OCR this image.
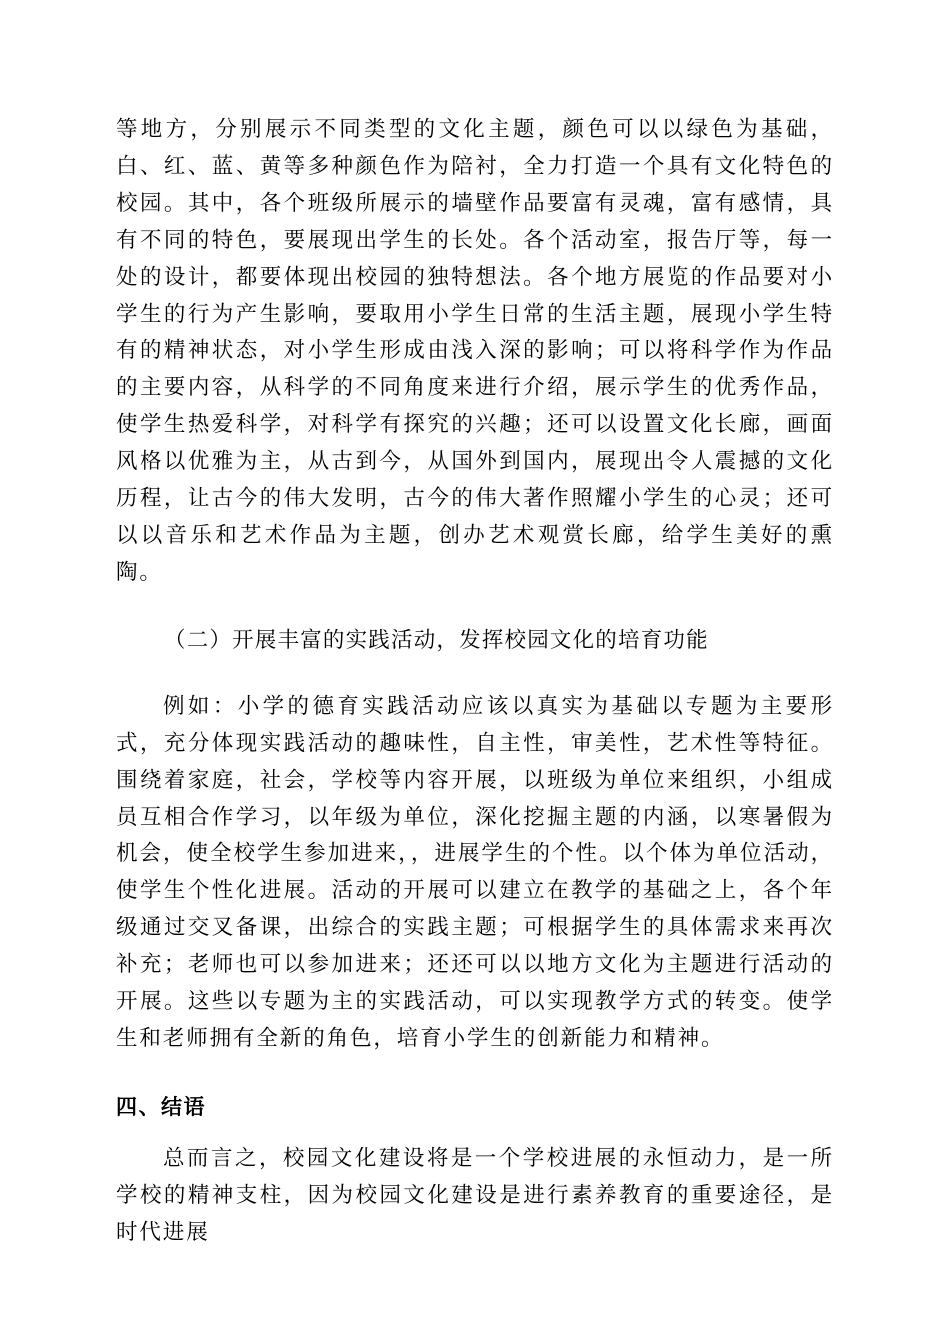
等地方，分别展示不同类型的文化主题，颜色可以以绿色为基础，白、红、蓝、黄等多种颜色作为陪衬，全力打造一个具有文化特色的校园。其中，各个班级所展示的墙壁作品要富有灵魂，富有感情，具有不同的特色，要展现出学生的长处。各个活动室，报告厅等，每一处的设计，都要体现出校园的独特想法。各个地方展览的作品要对小学生的行为产生影响，要取用小学生日常的生活主题，展现小学生特有的精神状态，对小学生形成由浅入深的影响；可以将科学作为作品的主要内容，从科学的不同角度来进行介绍，展示学生的优秀作品，使学生热爱科学，对科学有探究的兴趣；还可以设置文化长廊，画面风格以优雅为主，从古到今，从国外到国内，展现出令人震撼的文化历程，让古今的伟大发明，古今的伟大著作照耀小学生的心灵；还可以以音乐和艺术作品为主题，创办艺术观赏长廊，给学生美好的熏陶。

（二）开展丰富的实践活动，发挥校园文化的培育功能

例如：小学的德育实践活动应该以真实为基础以专题为主要形式，充分体现实践活动的趣味性，自主性，审美性，艺术性等特征。围绕着家庭，社会，学校等内容开展，以班级为单位来组织，小组成员互相合作学习，以年级为单位，深化挖掘主题的内涵，以寒暑假为机会，使全校学生参加进来，，进展学生的个性。以个体为单位活动，使学生个性化进展。活动的开展可以建立在教学的基础之上，各个年级通过交叉备课，出综合的实践主题；可根据学生的具体需求来再次补充；老师也可以参加进来；还还可以以地方文化为主题进行活动的开展。这些以专题为主的实践活动，可以实现教学方式的转变。使学生和老师拥有全新的角色，培育小学生的创新能力和精神。

四、结语

总而言之，校园文化建设将是一个学校进展的永恒动力，是一所学校的精神支柱，因为校园文化建设是进行素养教育的重要途径，是时代进展
